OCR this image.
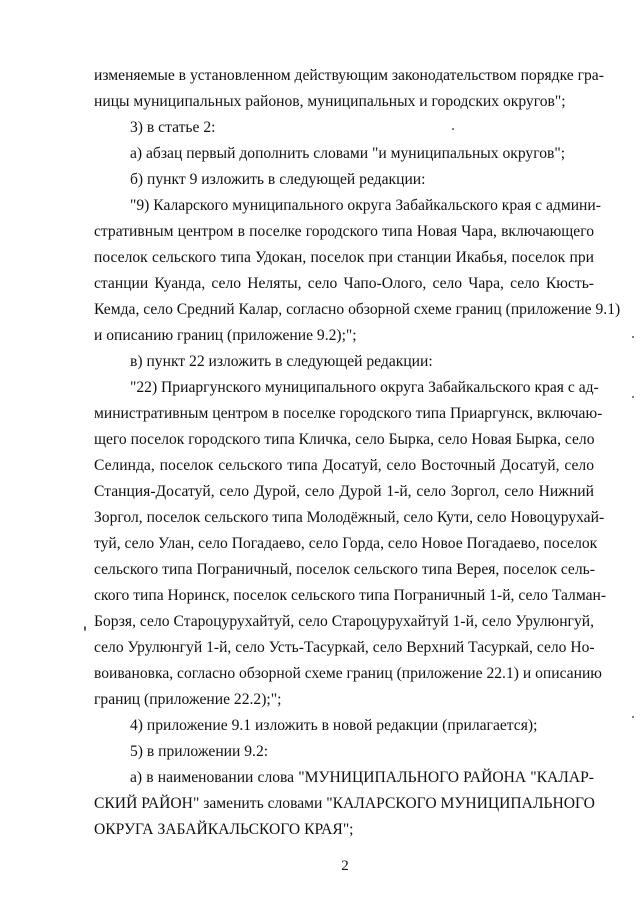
изменяемые в установленном действующим законодательством порядке гра-

ницы муниципальных районов, муниципальных и городских округов";

3) в статье 2:

а) абзац первый дополнить словами "и муниципальных округов";

б) пункт 9 изложить в следующей редакции:

"9) Каларского муниципального округа Забайкальского края с админи-

стративным центром в поселке городского типа Новая Чара, включающего

поселок сельского типа Удокан, поселок при станции Икабья, поселок при

станции Куанда, село Неляты, село Чапо-Олого, село Чара, село Кюсть-

Кемда, село Средний Калар, согласно обзорной схеме границ (приложение 9.1)

и описанию границ (приложение 9.2);";

в) пункт 22 изложить в следующей редакции:

"22) Приаргунского муниципального округа Забайкальского края с ад-

министративным центром в поселке городского типа Приаргунск, включаю-

щего поселок городского типа Кличка, село Бырка, село Новая Бырка, село

Селинда, поселок сельского типа Досатуй, село Восточный Досатуй, село

Станция-Досатуй, село Дурой, село Дурой 1-й, село Зоргол, село Нижний

Зоргол, поселок сельского типа Молодёжный, село Кути, село Новоцурухай-

туй, село Улан, село Погадаево, село Горда, село Новое Погадаево, поселок

сельского типа Пограничный, поселок сельского типа Верея, поселок сель-

ского типа Норинск, поселок сельского типа Пограничный 1-й, село Талман-

Борзя, село Староцурухайтуй, село Староцурухайтуй 1-й, село Урулюнгуй,

село Урулюнгуй 1-й, село Усть-Тасуркай, село Верхний Тасуркай, село Но-

воивановка, согласно обзорной схеме границ (приложение 22.1) и описанию

границ (приложение 22.2);";

4) приложение 9.1 изложить в новой редакции (прилагается);

5) в приложении 9.2:

а) в наименовании слова "МУНИЦИПАЛЬНОГО РАЙОНА "КАЛАР-

СКИЙ РАЙОН" заменить словами "КАЛАРСКОГО МУНИЦИПАЛЬНОГО

ОКРУГА ЗАБАЙКАЛЬСКОГО КРАЯ";

2
